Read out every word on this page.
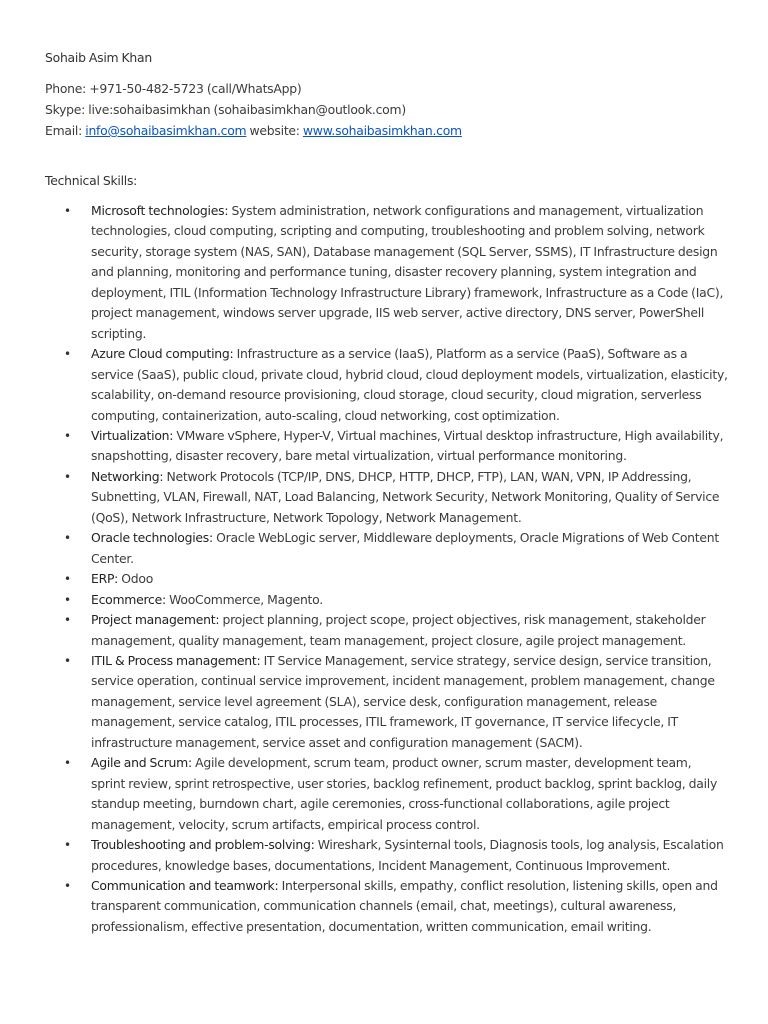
Sohaib Asim Khan
Phone: +971-50-482-5723 (call/WhatsApp)
Skype: live:sohaibasimkhan (sohaibasimkhan@outlook.com)
Email: info@sohaibasimkhan.com website: www.sohaibasimkhan.com
Technical Skills:
• Microsoft technologies: System administration, network configurations and management, virtualization technologies, cloud computing, scripting and computing, troubleshooting and problem solving, network security, storage system (NAS, SAN), Database management (SQL Server, SSMS), IT Infrastructure design and planning, monitoring and performance tuning, disaster recovery planning, system integration and deployment, ITIL (Information Technology Infrastructure Library) framework, Infrastructure as a Code (IaC), project management, windows server upgrade, IIS web server, active directory, DNS server, PowerShell scripting.
• Azure Cloud computing: Infrastructure as a service (IaaS), Platform as a service (PaaS), Software as a service (SaaS), public cloud, private cloud, hybrid cloud, cloud deployment models, virtualization, elasticity, scalability, on-demand resource provisioning, cloud storage, cloud security, cloud migration, serverless computing, containerization, auto-scaling, cloud networking, cost optimization.
• Virtualization: VMware vSphere, Hyper-V, Virtual machines, Virtual desktop infrastructure, High availability, snapshotting, disaster recovery, bare metal virtualization, virtual performance monitoring.
• Networking: Network Protocols (TCP/IP, DNS, DHCP, HTTP, DHCP, FTP), LAN, WAN, VPN, IP Addressing, Subnetting, VLAN, Firewall, NAT, Load Balancing, Network Security, Network Monitoring, Quality of Service (QoS), Network Infrastructure, Network Topology, Network Management.
• Oracle technologies: Oracle WebLogic server, Middleware deployments, Oracle Migrations of Web Content Center.
• ERP: Odoo
• Ecommerce: WooCommerce, Magento.
• Project management: project planning, project scope, project objectives, risk management, stakeholder management, quality management, team management, project closure, agile project management.
• ITIL & Process management: IT Service Management, service strategy, service design, service transition, service operation, continual service improvement, incident management, problem management, change management, service level agreement (SLA), service desk, configuration management, release management, service catalog, ITIL processes, ITIL framework, IT governance, IT service lifecycle, IT infrastructure management, service asset and configuration management (SACM).
• Agile and Scrum: Agile development, scrum team, product owner, scrum master, development team, sprint review, sprint retrospective, user stories, backlog refinement, product backlog, sprint backlog, daily standup meeting, burndown chart, agile ceremonies, cross-functional collaborations, agile project management, velocity, scrum artifacts, empirical process control.
• Troubleshooting and problem-solving: Wireshark, Sysinternal tools, Diagnosis tools, log analysis, Escalation procedures, knowledge bases, documentations, Incident Management, Continuous Improvement.
• Communication and teamwork: Interpersonal skills, empathy, conflict resolution, listening skills, open and transparent communication, communication channels (email, chat, meetings), cultural awareness, professionalism, effective presentation, documentation, written communication, email writing.
